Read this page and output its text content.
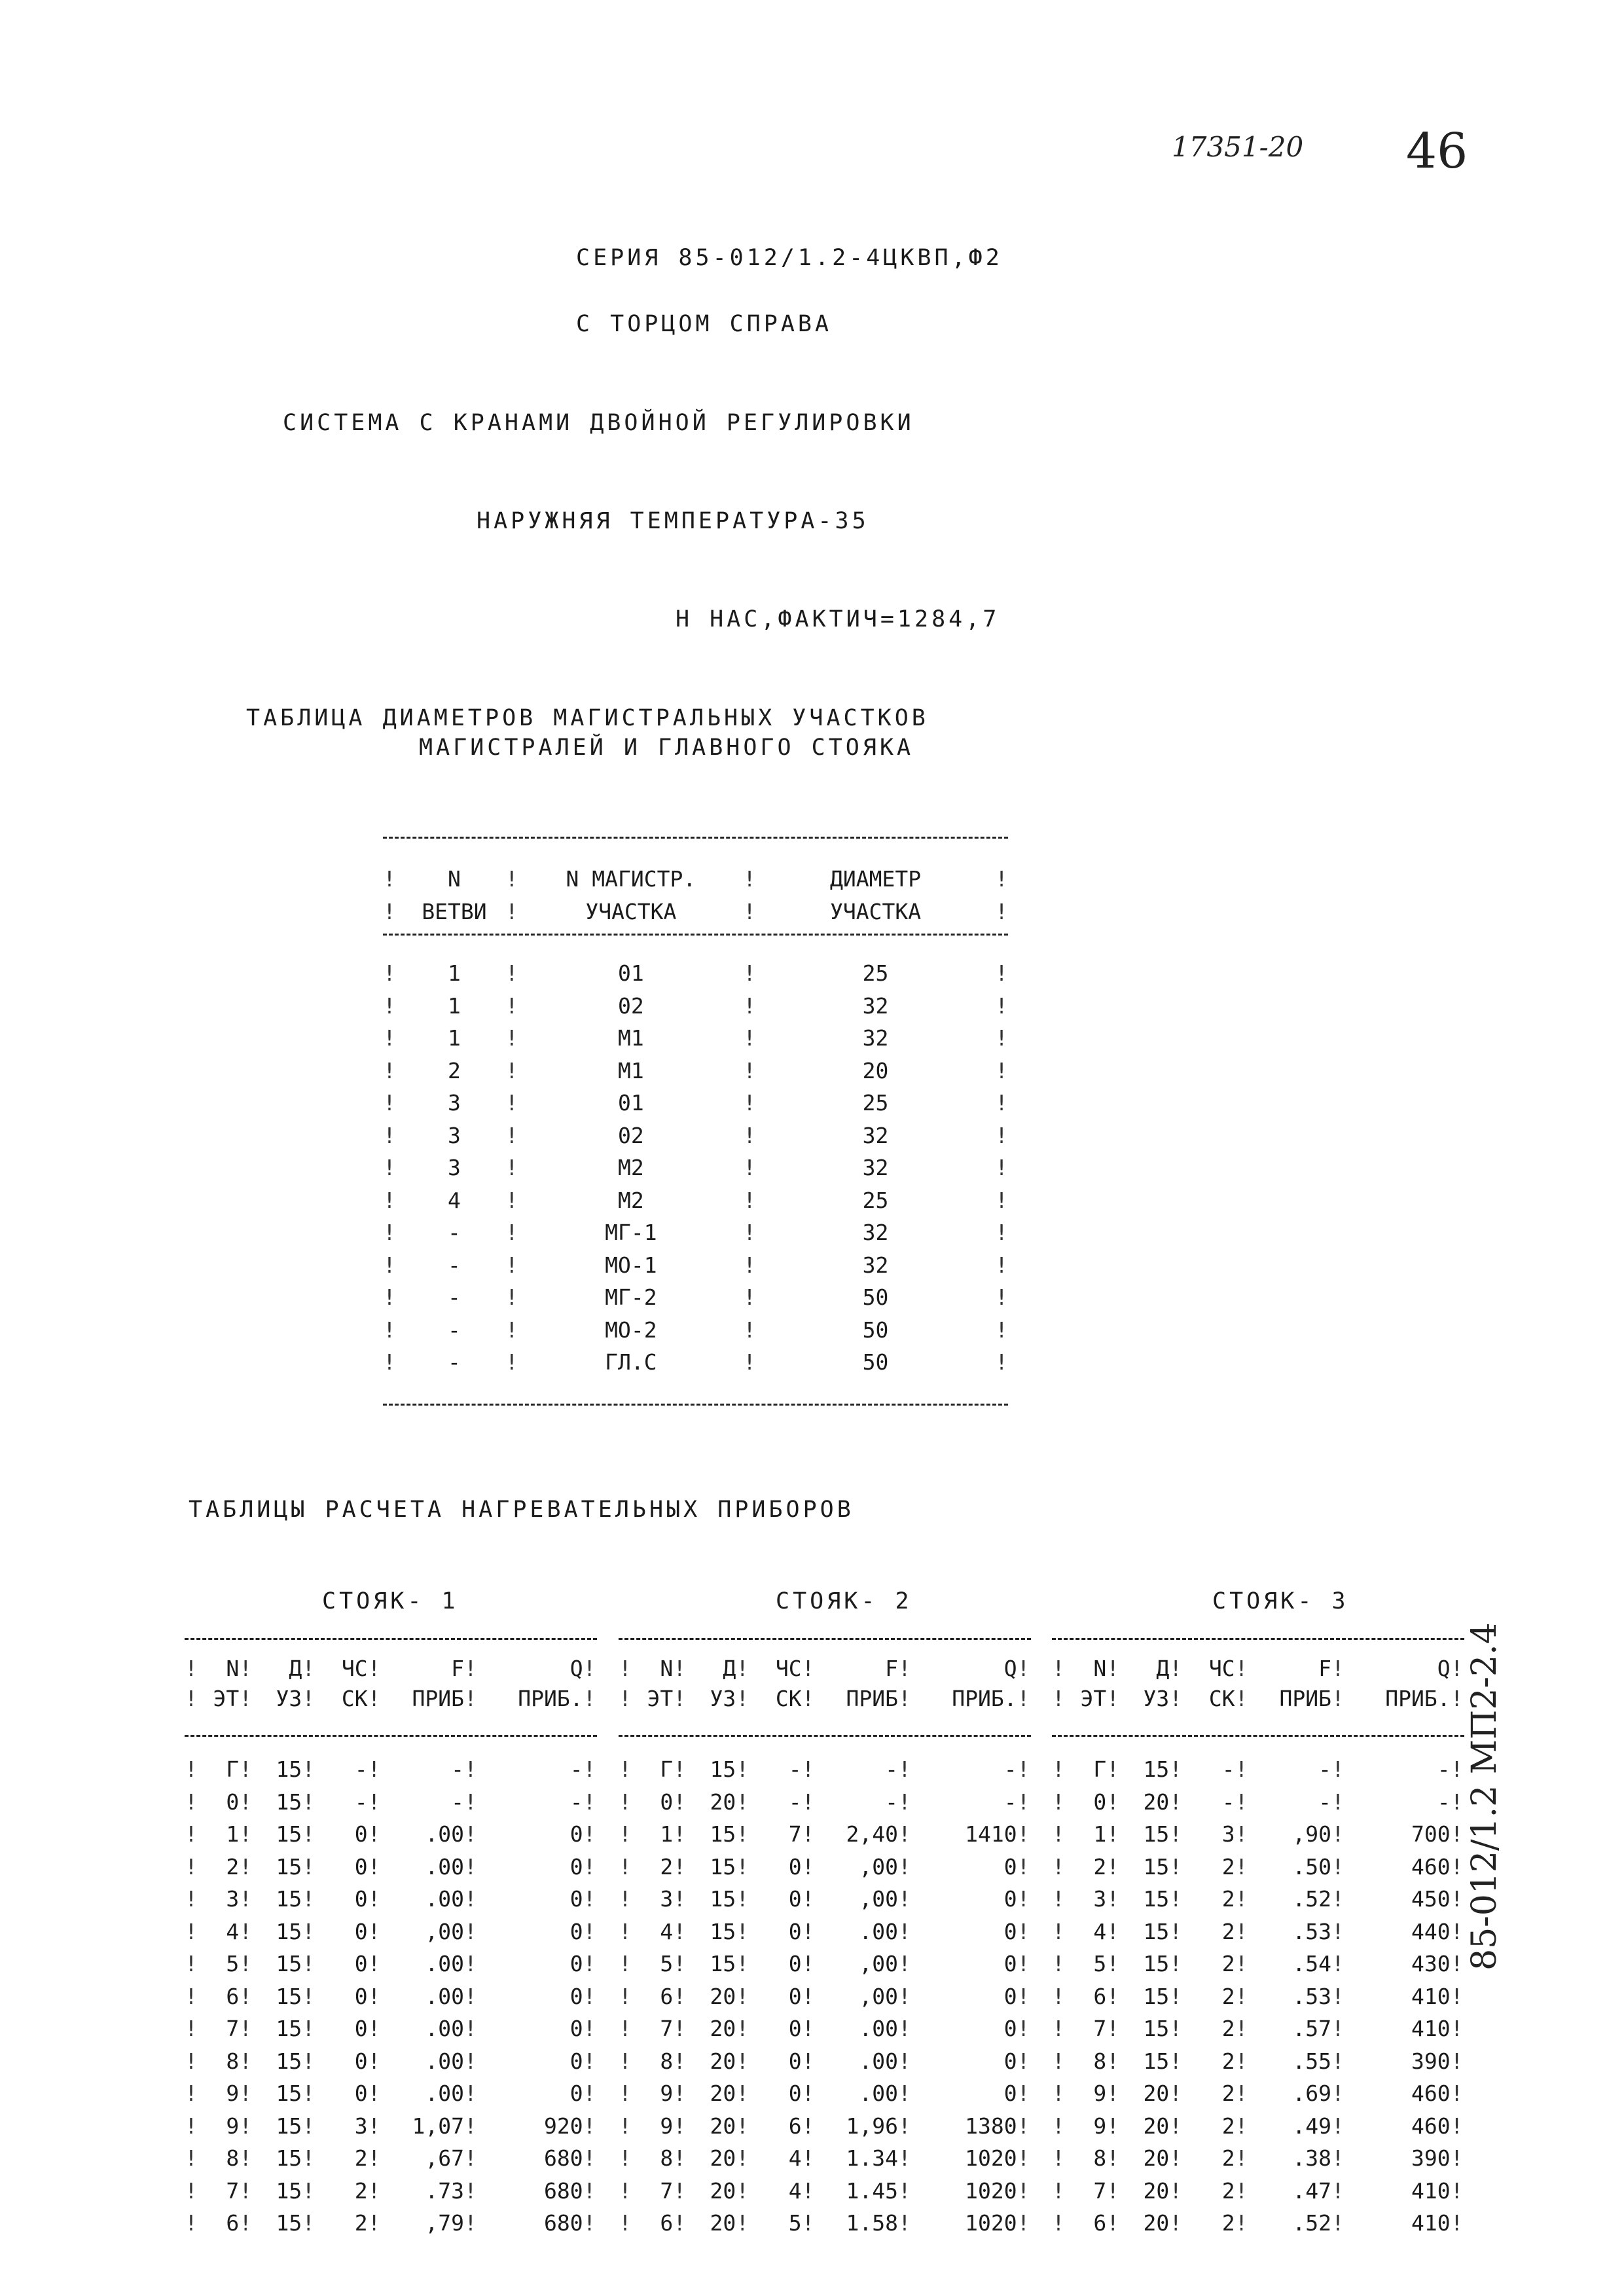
17351-20 46
СЕРИЯ 85-012/1.2-4ЦКВП,Ф2
С ТОРЦОМ СПРАВА
СИСТЕМА С КРАНАМИ ДВОЙНОЙ РЕГУЛИРОВКИ
НАРУЖНЯЯ ТЕМПЕРАТУРА-35
Н НАС,ФАКТИЧ=1284,7
ТАБЛИЦА ДИАМЕТРОВ МАГИСТРАЛЬНЫХ УЧАСТКОВ
МАГИСТРАЛЕЙ И ГЛАВНОГО СТОЯКА
!	N	!	N МАГИСТР.	!	ДИАМЕТР	!
!	ВЕТВИ	!	УЧАСТКА	!	УЧАСТКА	!
!	1	!	01	!	25	!
!	1	!	02	!	32	!
!	1	!	М1	!	32	!
!	2	!	М1	!	20	!
!	3	!	01	!	25	!
!	3	!	02	!	32	!
!	3	!	М2	!	32	!
!	4	!	М2	!	25	!
!	-	!	МГ-1	!	32	!
!	-	!	МО-1	!	32	!
!	-	!	МГ-2	!	50	!
!	-	!	МО-2	!	50	!
!	-	!	ГЛ.С	!	50	!
ТАБЛИЦЫ РАСЧЕТА НАГРЕВАТЕЛЬНЫХ ПРИБОРОВ
СТОЯК- 1
!	N	!	Д	!	ЧС	!	F	!	Q	!
!	ЭТ	!	УЗ	!	СК	!	ПРИБ	!	ПРИБ.	!
!	Г	!	15	!	-	!	-	!	-	!
!	0	!	15	!	-	!	-	!	-	!
!	1	!	15	!	0	!	.00	!	0	!
!	2	!	15	!	0	!	.00	!	0	!
!	3	!	15	!	0	!	.00	!	0	!
!	4	!	15	!	0	!	,00	!	0	!
!	5	!	15	!	0	!	.00	!	0	!
!	6	!	15	!	0	!	.00	!	0	!
!	7	!	15	!	0	!	.00	!	0	!
!	8	!	15	!	0	!	.00	!	0	!
!	9	!	15	!	0	!	.00	!	0	!
!	9	!	15	!	3	!	1,07	!	920	!
!	8	!	15	!	2	!	,67	!	680	!
!	7	!	15	!	2	!	.73	!	680	!
!	6	!	15	!	2	!	,79	!	680	!
СТОЯК- 2
!	N	!	Д	!	ЧС	!	F	!	Q	!
!	ЭТ	!	УЗ	!	СК	!	ПРИБ	!	ПРИБ.	!
!	Г	!	15	!	-	!	-	!	-	!
!	0	!	20	!	-	!	-	!	-	!
!	1	!	15	!	7	!	2,40	!	1410	!
!	2	!	15	!	0	!	,00	!	0	!
!	3	!	15	!	0	!	,00	!	0	!
!	4	!	15	!	0	!	.00	!	0	!
!	5	!	15	!	0	!	,00	!	0	!
!	6	!	20	!	0	!	,00	!	0	!
!	7	!	20	!	0	!	.00	!	0	!
!	8	!	20	!	0	!	.00	!	0	!
!	9	!	20	!	0	!	.00	!	0	!
!	9	!	20	!	6	!	1,96	!	1380	!
!	8	!	20	!	4	!	1.34	!	1020	!
!	7	!	20	!	4	!	1.45	!	1020	!
!	6	!	20	!	5	!	1.58	!	1020	!
СТОЯК- 3
!	N	!	Д	!	ЧС	!	F	!	Q	!
!	ЭТ	!	УЗ	!	СК	!	ПРИБ	!	ПРИБ.	!
!	Г	!	15	!	-	!	-	!	-	!
!	0	!	20	!	-	!	-	!	-	!
!	1	!	15	!	3	!	,90	!	700	!
!	2	!	15	!	2	!	.50	!	460	!
!	3	!	15	!	2	!	.52	!	450	!
!	4	!	15	!	2	!	.53	!	440	!
!	5	!	15	!	2	!	.54	!	430	!
!	6	!	15	!	2	!	.53	!	410	!
!	7	!	15	!	2	!	.57	!	410	!
!	8	!	15	!	2	!	.55	!	390	!
!	9	!	20	!	2	!	.69	!	460	!
!	9	!	20	!	2	!	.49	!	460	!
!	8	!	20	!	2	!	.38	!	390	!
!	7	!	20	!	2	!	.47	!	410	!
!	6	!	20	!	2	!	.52	!	410	!
85-012/1.2 МП2-2.4
